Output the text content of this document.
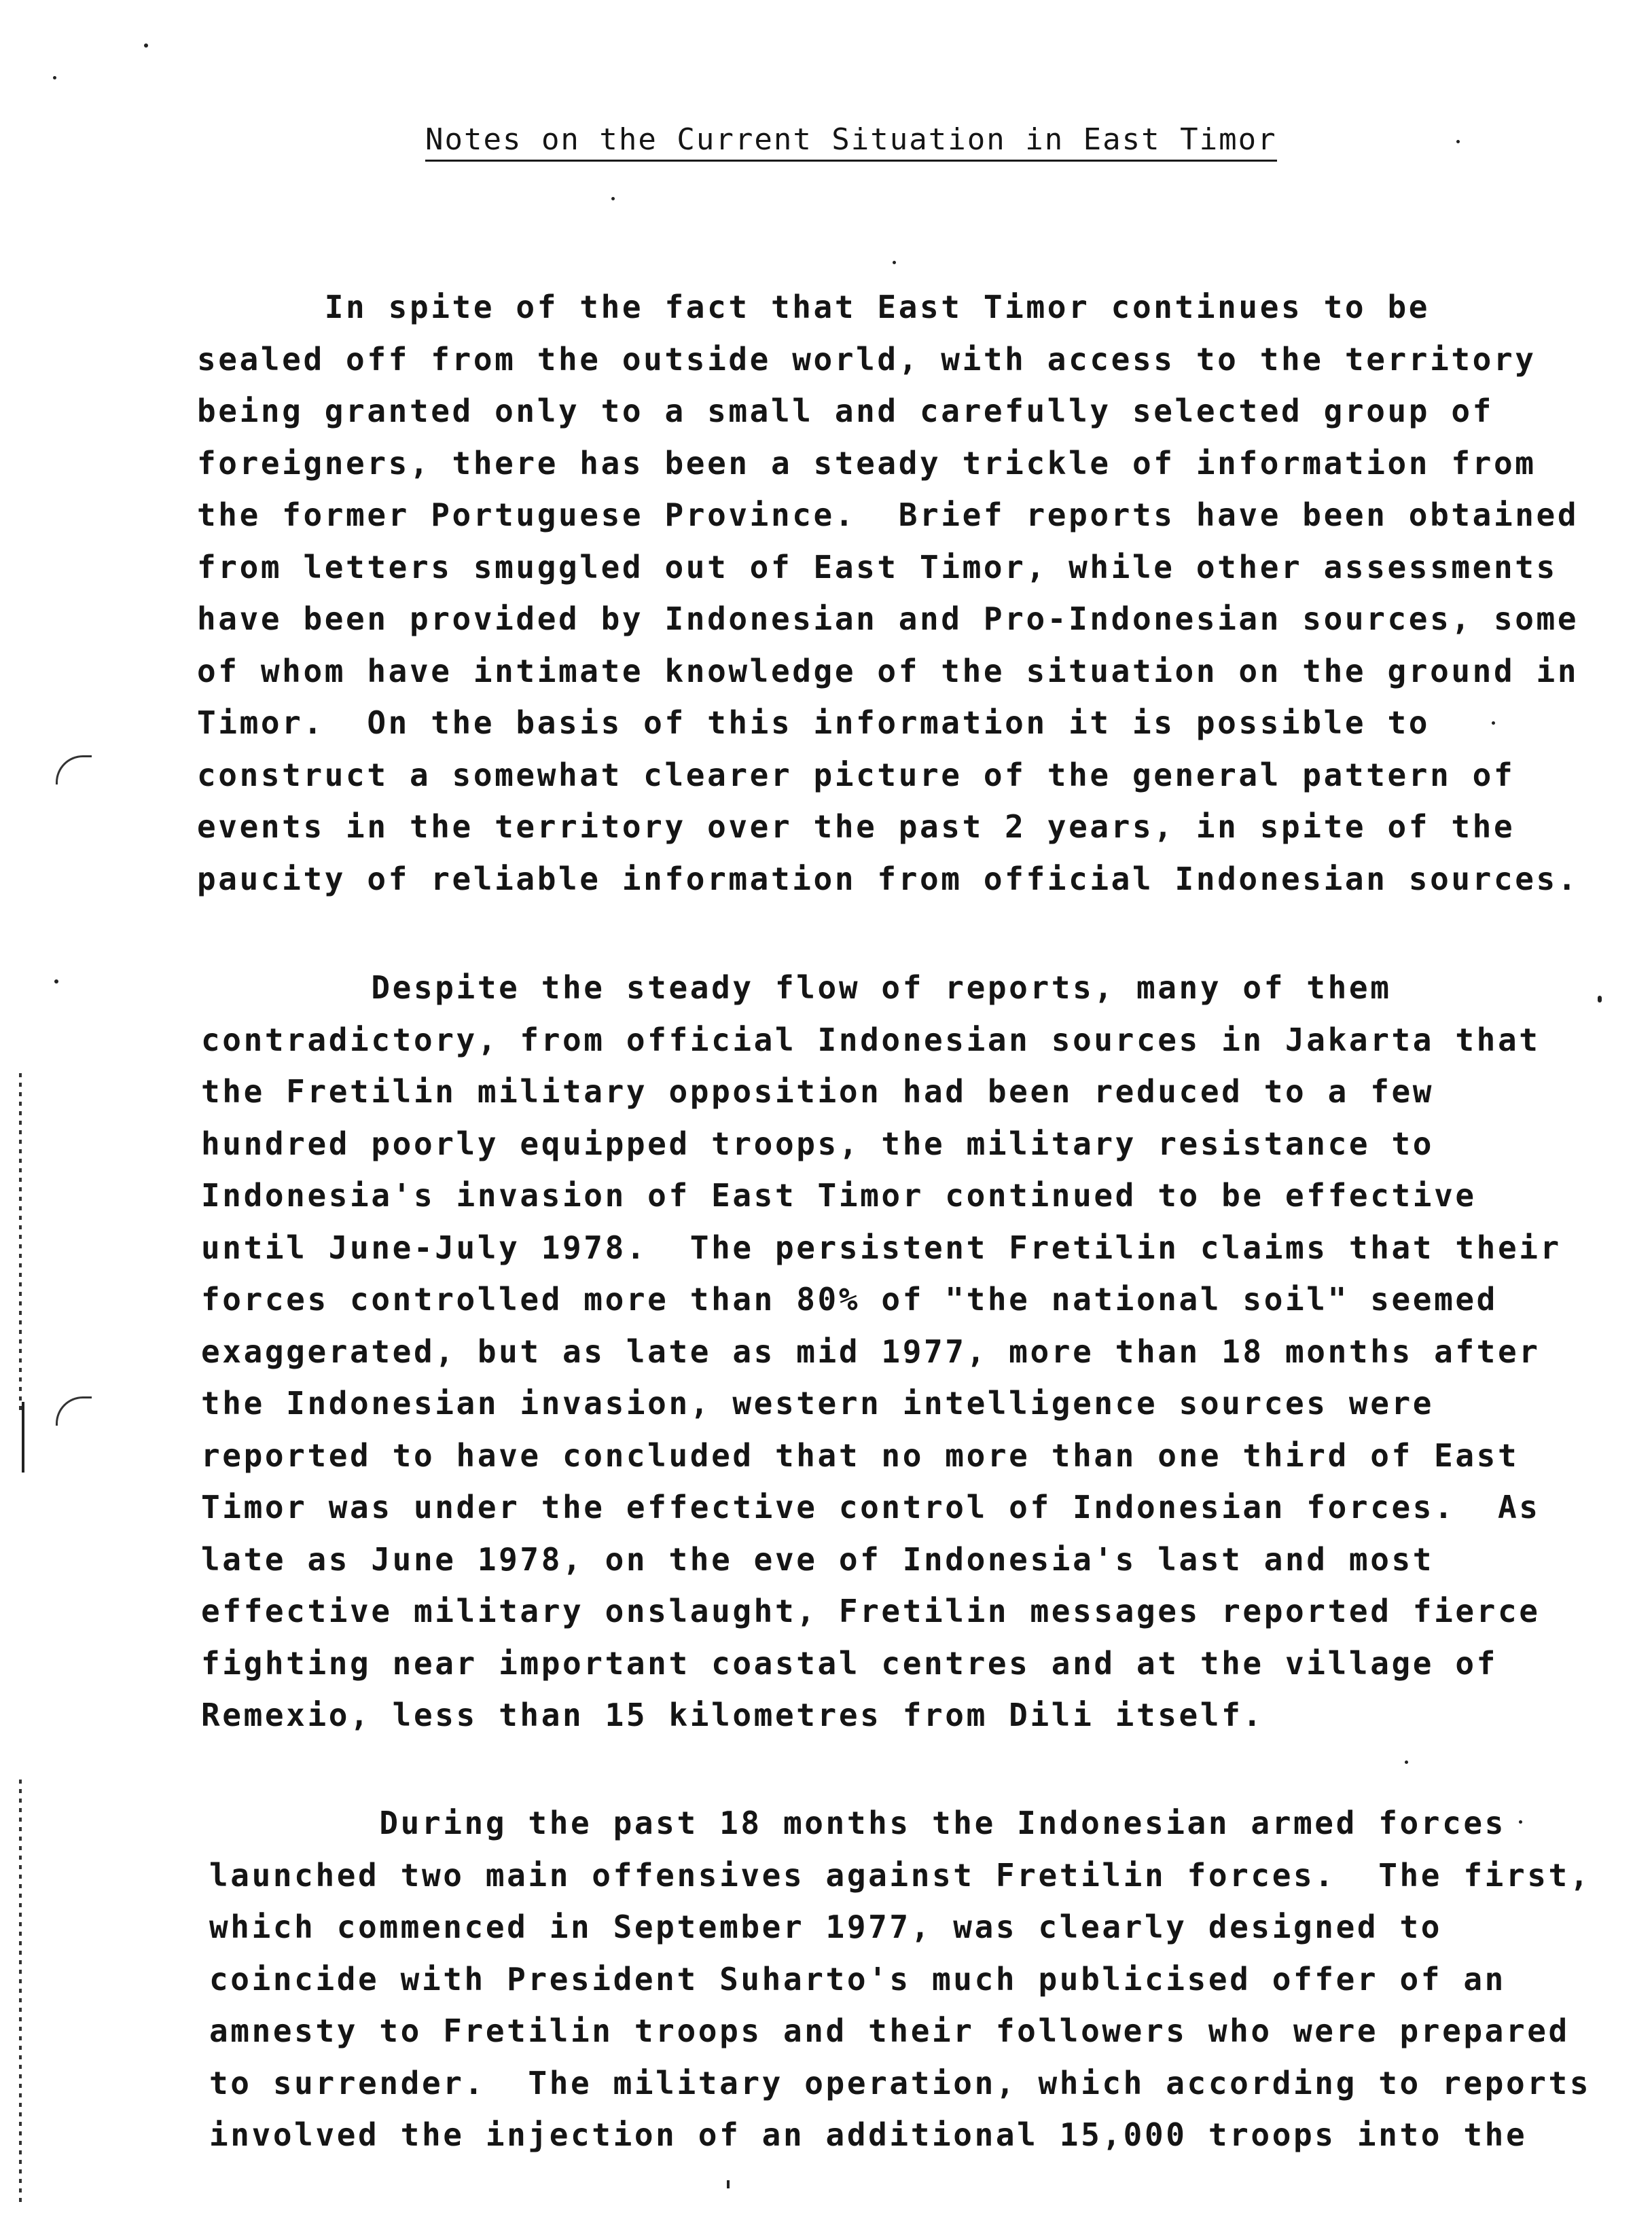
Notes on the Current Situation in East Timor

In spite of the fact that East Timor continues to be
sealed off from the outside world, with access to the territory
being granted only to a small and carefully selected group of
foreigners, there has been a steady trickle of information from
the former Portuguese Province.  Brief reports have been obtained
from letters smuggled out of East Timor, while other assessments
have been provided by Indonesian and Pro-Indonesian sources, some
of whom have intimate knowledge of the situation on the ground in
Timor.  On the basis of this information it is possible to
construct a somewhat clearer picture of the general pattern of
events in the territory over the past 2 years, in spite of the
paucity of reliable information from official Indonesian sources.

Despite the steady flow of reports, many of them
contradictory, from official Indonesian sources in Jakarta that
the Fretilin military opposition had been reduced to a few
hundred poorly equipped troops, the military resistance to
Indonesia's invasion of East Timor continued to be effective
until June-July 1978.  The persistent Fretilin claims that their
forces controlled more than 80% of "the national soil" seemed
exaggerated, but as late as mid 1977, more than 18 months after
the Indonesian invasion, western intelligence sources were
reported to have concluded that no more than one third of East
Timor was under the effective control of Indonesian forces.  As
late as June 1978, on the eve of Indonesia's last and most
effective military onslaught, Fretilin messages reported fierce
fighting near important coastal centres and at the village of
Remexio, less than 15 kilometres from Dili itself.

During the past 18 months the Indonesian armed forces
launched two main offensives against Fretilin forces.  The first,
which commenced in September 1977, was clearly designed to
coincide with President Suharto's much publicised offer of an
amnesty to Fretilin troops and their followers who were prepared
to surrender.  The military operation, which according to reports
involved the injection of an additional 15,000 troops into the
